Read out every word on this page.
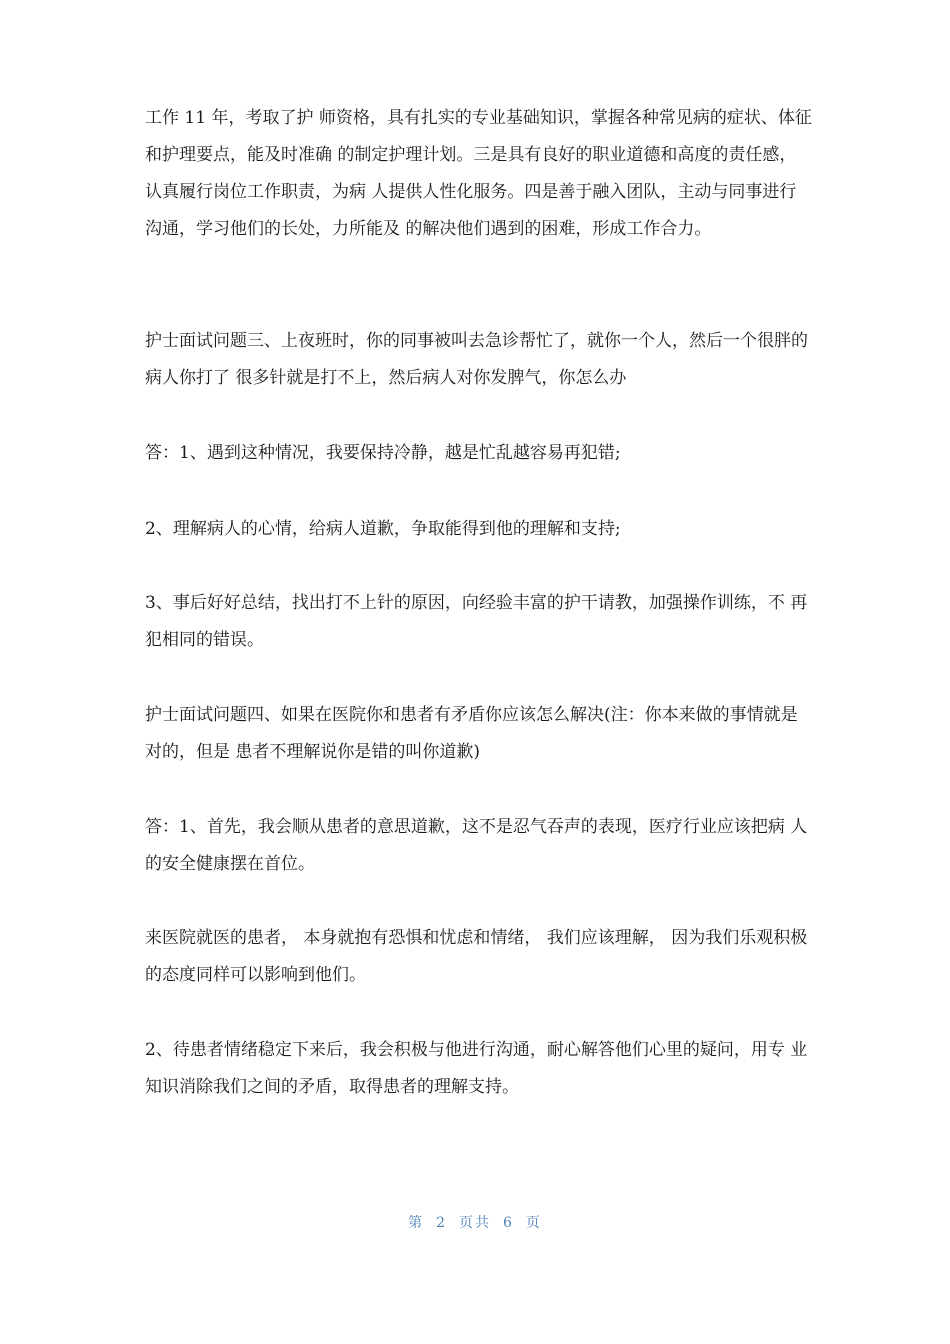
工作 11 年，考取了护 师资格，具有扎实的专业基础知识，掌握各种常见病的症状、体征和护理要点，能及时准确 的制定护理计划。三是具有良好的职业道德和高度的责任感，认真履行岗位工作职责，为病 人提供人性化服务。四是善于融入团队，主动与同事进行沟通，学习他们的长处，力所能及 的解决他们遇到的困难，形成工作合力。

护士面试问题三、上夜班时，你的同事被叫去急诊帮忙了，就你一个人，然后一个很胖的病人你打了 很多针就是打不上，然后病人对你发脾气，你怎么办

答：1、遇到这种情况，我要保持冷静，越是忙乱越容易再犯错;

2、理解病人的心情，给病人道歉，争取能得到他的理解和支持;

3、事后好好总结，找出打不上针的原因，向经验丰富的护干请教，加强操作训练，不 再犯相同的错误。

护士面试问题四、如果在医院你和患者有矛盾你应该怎么解决(注：你本来做的事情就是对的，但是 患者不理解说你是错的叫你道歉)

答：1、首先，我会顺从患者的意思道歉，这不是忍气吞声的表现，医疗行业应该把病 人的安全健康摆在首位。

来医院就医的患者， 本身就抱有恐惧和忧虑和情绪， 我们应该理解， 因为我们乐观积极的态度同样可以影响到他们。

2、待患者情绪稳定下来后，我会积极与他进行沟通，耐心解答他们心里的疑问，用专 业知识消除我们之间的矛盾，取得患者的理解支持。

第 2 页共 6 页
